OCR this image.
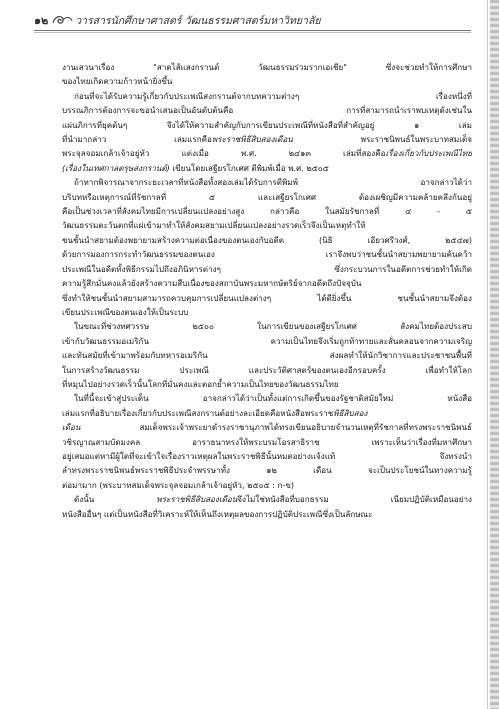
๑๒	วารสารนักศึกษาศาสตร์ วัฒนธรรมศาสตร์มหาวิทยาลัย
งานเสวนาเรื่อง "สาดไส้แสงกรานต์ วัฒนธรรมร่วมรากเอเชีย" ซึ่งจะช่วยทำให้การศึกษา
ของไทยเกิดความก้าวหน้ายิ่งขึ้น
ก่อนที่จะได้รับความรู้เกี่ยวกับประเพณีสงกรานต์จากบทความต่างๆ เรื่องหนึ่งที่
บรรณภิการต้องการจะขอนำเสนอเป็นอันดับต้นคือ การที่สามารถนำเราพบเหตุดังเช่นใน
แผ่นภิการที่ยุคต้นๆ จึงได้ให้ความสำคัญกับการเขียนประเพณีที่หนังสือที่สำคัญอยู่ ๑ เล่ม
ที่นำมากล่าว เล่มแรกคือพระราชพิธีสิบสองเดือน พระราชนิพนธ์ในพระบาทสมเด็จ
พระจุลจอมเกล้าเจ้าอยู่หัว แต่งเมื่อ พ.ศ. ๒๔๑๓ เล่มที่สองคือเรื่องเกี่ยวกับประเพณีไทย
(เรื่องในเทศกาลตรุษสงกรานต์) เขียนโดยเสฐียรโกเศศ ตีพิมพ์เมื่อ พ.ศ. ๒๕๐๕
ถ้าหากพิจารณาจากระยะเวลาที่หนังสือทั้งสองเล่มได้รับการตีพิมพ์ อาจกล่าวได้ว่า
บริบทหรือเหตุการณ์ที่รัชกาลที่ ๕ และเสฐียรโกเศศ ต้องเผชิญมีความคล้ายคลึงกันอยู่
คือเป็นช่วงเวลาที่สังคมไทยมีการเปลี่ยนแปลงอย่างสูง กล่าวคือ ในสมัยรัชกาลที่ ๔ - ๕
วัฒนธรรมตะวันตกที่แผ่เข้ามาทำให้สังคมสยามเปลี่ยนแปลงอย่างรวดเร็วจึงเป็นเหตุทำให้
ชนชั้นนำสยามต้องพยายามสร้างความต่อเนื่องของตนเองกับอดีต (นิธิ เอียวศรีวงศ์, ๒๕๔๗)
ด้วยการมองการกระทำวัฒนธรรมของตนเอง เราจึงพบว่าชนชั้นนำสยามพยายามค้นคว้า
ประเพณีในอดีตทั้งพิธีกรรมไปถึงอภินิหารต่างๆ ซึ่งกระบวนการในอดีตการช่วยทำให้เกิด
ความรู้สึกมั่นคงแล้วยังสร้างความสืบเนื่องของสถาบันพระมหากษัตริย์จากอดีตถึงปัจจุบัน
ซึ่งทำให้ชนชั้นนำสยามสามารถควบคุมการเปลี่ยนแปลงต่างๆ ได้ดียิ่งขึ้น ชนชั้นนำสยามจึงต้อง
เขียนประเพณีของตนเองให้เป็นระบบ
ในขณะที่ช่วงทศวรรษ ๒๕๐๐ ในการเขียนของเสฐียรโกเศศ สังคมไทยต้องประสบ
เข้ากับวัฒนธรรมอเมริกัน ความเป็นไทยจึงเริ่มถูกท้าทายและสั่นคลอนจากความเจริญ
และทันสมัยที่เข้ามาพร้อมกับทหารอเมริกัน ส่งผลทำให้นักวิชาการและประชาชนพื้นที่
ในการสร้างวัฒนธรรม ประเพณี และประวัติศาสตร์ของตนเองอีกรอบครั้ง เพื่อทำให้โลก
ที่หมุนไปอย่างรวดเร็วนั้นโลกที่มั่นคงและตอกย้ำความเป็นไทยของวัฒนธรรมไทย
ในที่นี้จะเข้าสู่ประเด็น อาจกล่าวได้ว่าเป็นทั้งแต่การเกิดขึ้นของรัฐชาติสมัยใหม่ หนังสือ
เล่มแรกที่อธิบายเรื่องเกี่ยวกับประเพณีสงกรานต์อย่างละเอียดคือหนังสือพระราชพิธีสิบสอง
เดือน สมเด็จพระเจ้าพระยาดำรงราชานุภาพได้ทรงเขียนอธิบายจำนวนเหตุที่รัชกาลที่ทรงพระราชนิพนธ์
วชิรญาณสามบัดมงคล อาราธนาทรงให้พระบรมโอรสาธิราช เพราะเห็นว่าเรื่องที่มหาศึกษา
อยู่เสมอแต่หามีผู้ใดที่จะเข้าใจเรื่องราวเหตุผลในพระราชพิธีนั้นหมดอย่างแจ้งแท้ จึงทรงนำ
ลำทรงพระราชนิพนธ์พระราชพิธีประจำพรรษาทั้ง ๑๒ เดือน จะเป็นประโยชน์ในทางความรู้
ต่อมามาก (พระบาทสมเด็จพระจุลจอมเกล้าเจ้าอยู่หัว, ๒๕๐๕ : ก-ข)
ดังนั้น พระราชพิธีสิบสองเดือนจึงไม่ใช่หนังสือที่บอกธรรม เนียมปฏิบัติเหมือนอย่าง
หนังสืออื่นๆ แต่เป็นหนังสือที่วิเคราะห์ให้เห็นถึงเหตุผลของการปฏิบัติประเพณีซึ่งเป็นลักษณะ
